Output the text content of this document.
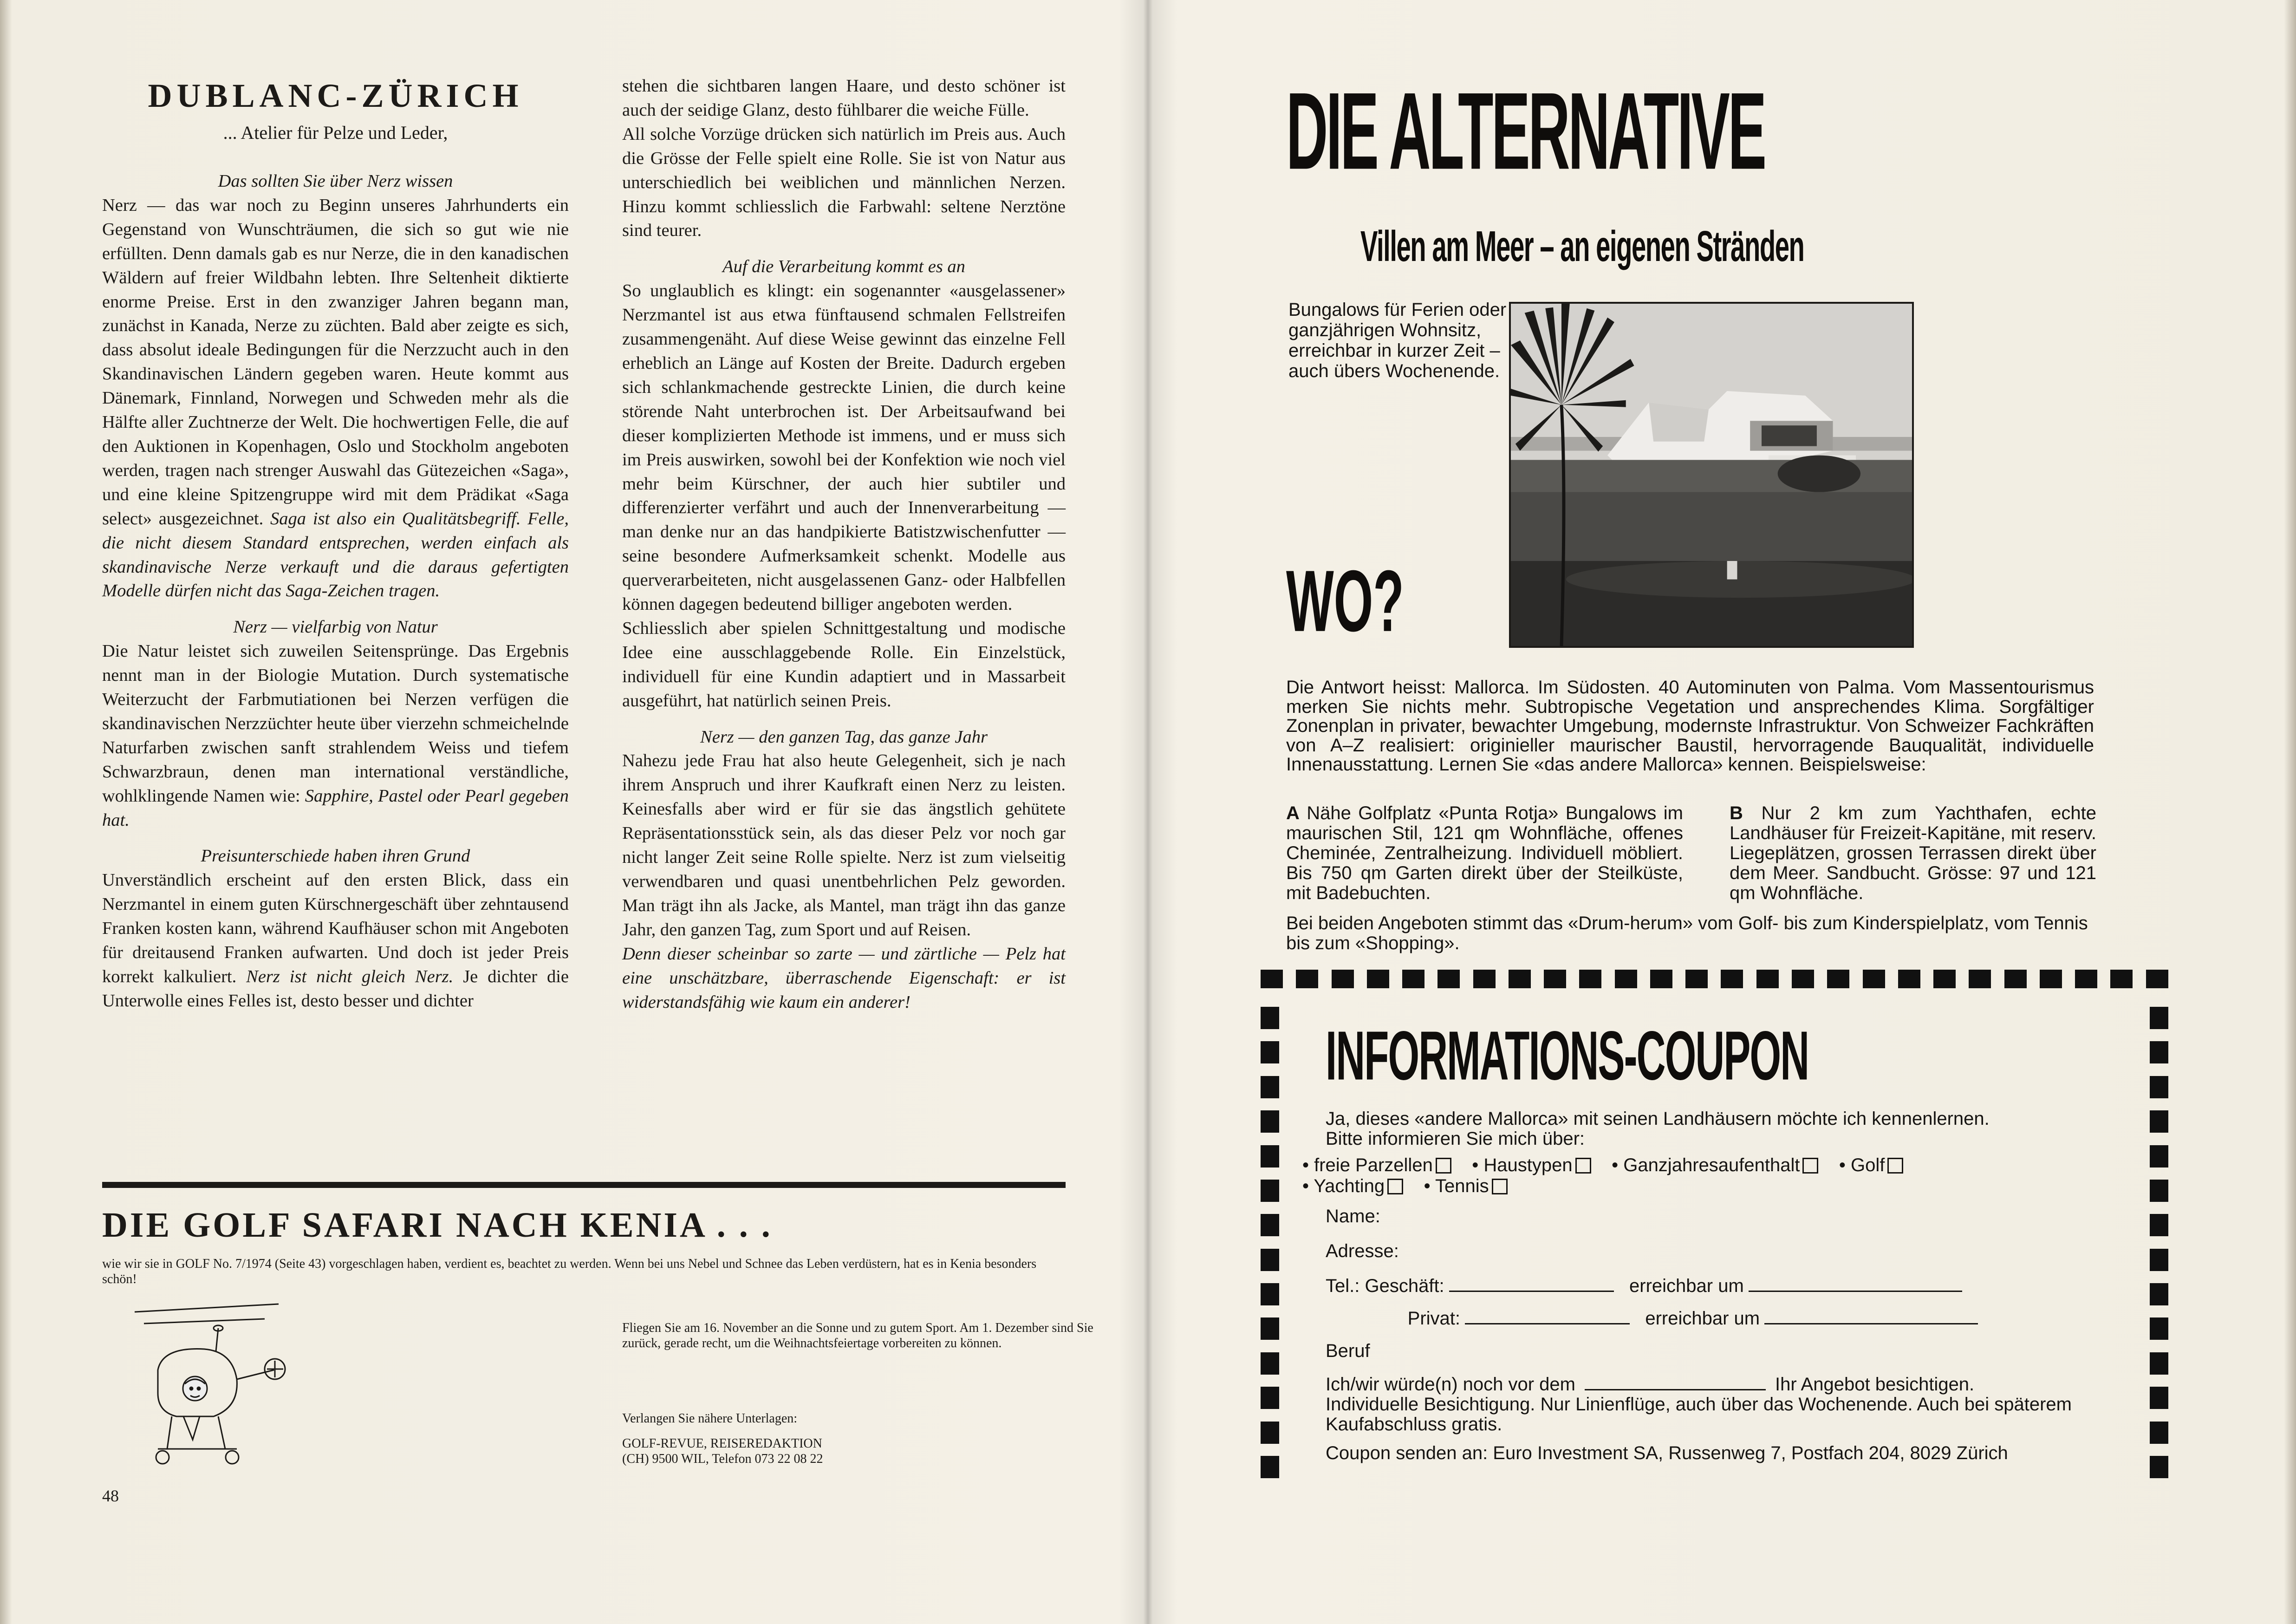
DUBLANC-ZÜRICH
... Atelier für Pelze und Leder,

Das sollten Sie über Nerz wissen

Nerz — das war noch zu Beginn unseres Jahrhunderts ein Gegenstand von Wunschträumen, die sich so gut wie nie erfüllten. Denn damals gab es nur Nerze, die in den kanadischen Wäldern auf freier Wildbahn lebten. Ihre Seltenheit diktierte enorme Preise. Erst in den zwanziger Jahren begann man, zunächst in Kanada, Nerze zu züchten. Bald aber zeigte es sich, dass absolut ideale Bedingungen für die Nerzzucht auch in den Skandinavischen Ländern gegeben waren. Heute kommt aus Dänemark, Finnland, Norwegen und Schweden mehr als die Hälfte aller Zuchtnerze der Welt. Die hochwertigen Felle, die auf den Auktionen in Kopenhagen, Oslo und Stockholm angeboten werden, tragen nach strenger Auswahl das Gütezeichen «Saga», und eine kleine Spitzengruppe wird mit dem Prädikat «Saga select» ausgezeichnet. Saga ist also ein Qualitätsbegriff. Felle, die nicht diesem Standard entsprechen, werden einfach als skandinavische Nerze verkauft und die daraus gefertigten Modelle dürfen nicht das Saga-Zeichen tragen.

Nerz — vielfarbig von Natur

Die Natur leistet sich zuweilen Seitensprünge. Das Ergebnis nennt man in der Biologie Mutation. Durch systematische Weiterzucht der Farbmutiationen bei Nerzen verfügen die skandinavischen Nerzzüchter heute über vierzehn schmeichelnde Naturfarben zwischen sanft strahlendem Weiss und tiefem Schwarzbraun, denen man international verständliche, wohlklingende Namen wie: Sapphire, Pastel oder Pearl gegeben hat.

Preisunterschiede haben ihren Grund

Unverständlich erscheint auf den ersten Blick, dass ein Nerzmantel in einem guten Kürschnergeschäft über zehntausend Franken kosten kann, während Kaufhäuser schon mit Angeboten für dreitausend Franken aufwarten. Und doch ist jeder Preis korrekt kalkuliert. Nerz ist nicht gleich Nerz. Je dichter die Unterwolle eines Felles ist, desto besser und dichter

stehen die sichtbaren langen Haare, und desto schöner ist auch der seidige Glanz, desto fühlbarer die weiche Fülle.

All solche Vorzüge drücken sich natürlich im Preis aus. Auch die Grösse der Felle spielt eine Rolle. Sie ist von Natur aus unterschiedlich bei weiblichen und männlichen Nerzen. Hinzu kommt schliesslich die Farbwahl: seltene Nerztöne sind teurer.

Auf die Verarbeitung kommt es an

So unglaublich es klingt: ein sogenannter «ausgelassener» Nerzmantel ist aus etwa fünftausend schmalen Fellstreifen zusammengenäht. Auf diese Weise gewinnt das einzelne Fell erheblich an Länge auf Kosten der Breite. Dadurch ergeben sich schlankmachende gestreckte Linien, die durch keine störende Naht unterbrochen ist. Der Arbeitsaufwand bei dieser komplizierten Methode ist immens, und er muss sich im Preis auswirken, sowohl bei der Konfektion wie noch viel mehr beim Kürschner, der auch hier subtiler und differenzierter verfährt und auch der Innenverarbeitung — man denke nur an das handpikierte Batistzwischenfutter — seine besondere Aufmerksamkeit schenkt. Modelle aus querverarbeiteten, nicht ausgelassenen Ganz- oder Halbfellen können dagegen bedeutend billiger angeboten werden.

Schliesslich aber spielen Schnittgestaltung und modische Idee eine ausschlaggebende Rolle. Ein Einzelstück, individuell für eine Kundin adaptiert und in Massarbeit ausgeführt, hat natürlich seinen Preis.

Nerz — den ganzen Tag, das ganze Jahr

Nahezu jede Frau hat also heute Gelegenheit, sich je nach ihrem Anspruch und ihrer Kaufkraft einen Nerz zu leisten. Keinesfalls aber wird er für sie das ängstlich gehütete Repräsentationsstück sein, als das dieser Pelz vor noch gar nicht langer Zeit seine Rolle spielte. Nerz ist zum vielseitig verwendbaren und quasi unentbehrlichen Pelz geworden. Man trägt ihn als Jacke, als Mantel, man trägt ihn das ganze Jahr, den ganzen Tag, zum Sport und auf Reisen.

Denn dieser scheinbar so zarte — und zärtliche — Pelz hat eine unschätzbare, überraschende Eigenschaft: er ist widerstandsfähig wie kaum ein anderer!

DIE GOLF SAFARI NACH KENIA . . .
wie wir sie in GOLF No. 7/1974 (Seite 43) vorgeschlagen haben, verdient es, beachtet zu werden. Wenn bei uns Nebel und Schnee das Leben verdüstern, hat es in Kenia besonders schön!
Fliegen Sie am 16. November an die Sonne und zu gutem Sport. Am 1. Dezember sind Sie zurück, gerade recht, um die Weihnachtsfeiertage vorbereiten zu können.
Verlangen Sie nähere Unterlagen:
GOLF-REVUE, REISEREDAKTION
(CH) 9500 WIL, Telefon 073 22 08 22
48
DIE ALTERNATIVE
Villen am Meer – an eigenen Stränden
Bungalows für Ferien oder ganzjährigen Wohnsitz, erreichbar in kurzer Zeit – auch übers Wochenende.
WO?
Die Antwort heisst: Mallorca. Im Südosten. 40 Autominuten von Palma. Vom Massentourismus merken Sie nichts mehr. Subtropische Vegetation und ansprechendes Klima. Sorgfältiger Zonenplan in privater, bewachter Umgebung, modernste Infrastruktur. Von Schweizer Fachkräften von A–Z realisiert: originieller maurischer Baustil, hervorragende Bauqualität, individuelle Innenausstattung. Lernen Sie «das andere Mallorca» kennen. Beispielsweise:
A Nähe Golfplatz «Punta Rotja» Bungalows im maurischen Stil, 121 qm Wohnfläche, offenes Cheminée, Zentralheizung. Individuell möbliert. Bis 750 qm Garten direkt über der Steilküste, mit Badebuchten.
B Nur 2 km zum Yachthafen, echte Landhäuser für Freizeit-Kapitäne, mit reserv. Liegeplätzen, grossen Terrassen direkt über dem Meer. Sandbucht. Grösse: 97 und 121 qm Wohnfläche.
Bei beiden Angeboten stimmt das «Drum-herum» vom Golf- bis zum Kinderspielplatz, vom Tennis bis zum «Shopping».
INFORMATIONS-COUPON
Ja, dieses «andere Mallorca» mit seinen Landhäusern möchte ich kennenlernen.
Bitte informieren Sie mich über:
• freie Parzellen • Haustypen • Ganzjahresaufenthalt • Golf
• Yachting • Tennis
Name:
Adresse:
Tel.: Geschäft:	erreichbar um
Privat:	erreichbar um
Beruf
Ich/wir würde(n) noch vor dem	Ihr Angebot besichtigen.
Individuelle Besichtigung. Nur Linienflüge, auch über das Wochenende. Auch bei späterem Kaufabschluss gratis.
Coupon senden an: Euro Investment SA, Russenweg 7, Postfach 204, 8029 Zürich
